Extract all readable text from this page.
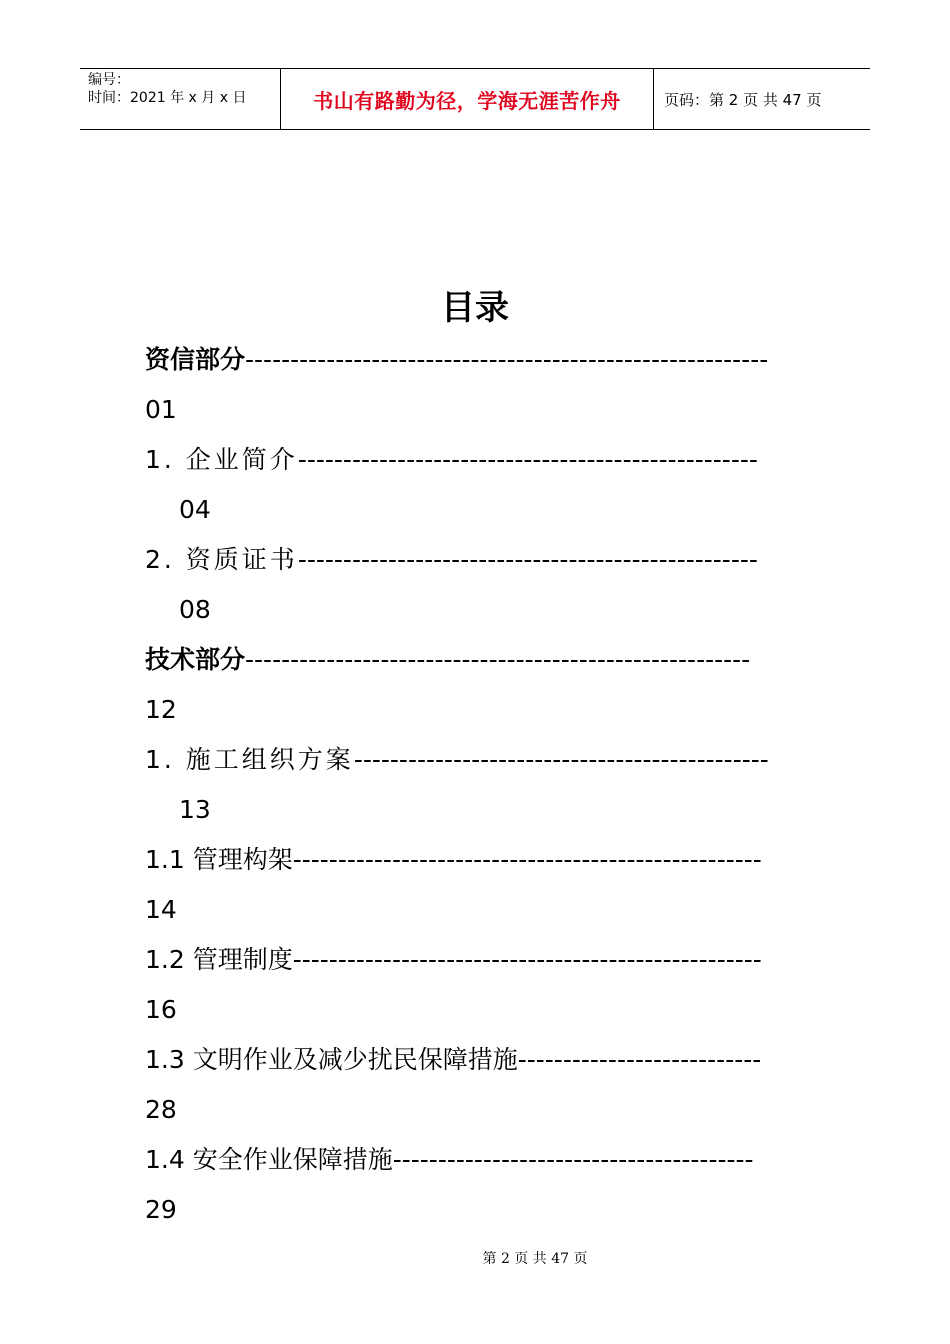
编号：
时间：2021 年 x 月 x 日	书山有路勤为径，学海无涯苦作舟	页码：第 2 页 共 47 页
目录
资信部分----------------------------------------------------------
01
1. 企业简介---------------------------------------------------
04
2. 资质证书---------------------------------------------------
08
技术部分--------------------------------------------------------
12
1. 施工组织方案----------------------------------------------
13
1.1 管理构架----------------------------------------------------
14
1.2 管理制度----------------------------------------------------
16
1.3 文明作业及减少扰民保障措施---------------------------
28
1.4 安全作业保障措施----------------------------------------
29
第 2 页 共 47 页
